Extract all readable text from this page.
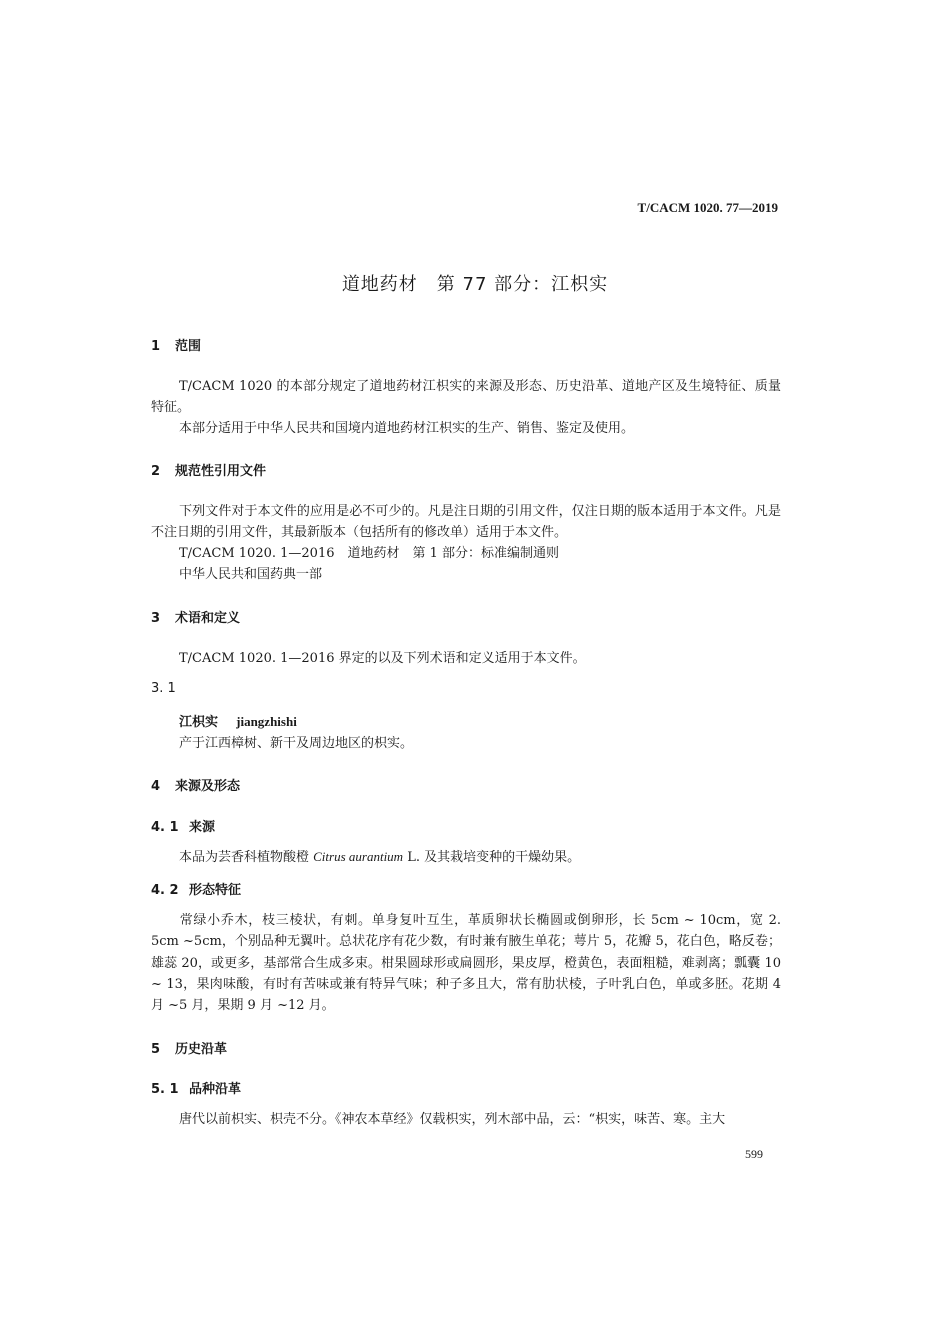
T/CACM 1020. 77—2019
道地药材　第 77 部分：江枳实
1 范围
T/CACM 1020 的本部分规定了道地药材江枳实的来源及形态、历史沿革、道地产区及生境特征、质量特征。
本部分适用于中华人民共和国境内道地药材江枳实的生产、销售、鉴定及使用。
2 规范性引用文件
下列文件对于本文件的应用是必不可少的。凡是注日期的引用文件，仅注日期的版本适用于本文件。凡是不注日期的引用文件，其最新版本（包括所有的修改单）适用于本文件。
T/CACM 1020. 1—2016　道地药材　第 1 部分：标准编制通则
中华人民共和国药典一部
3 术语和定义
T/CACM 1020. 1—2016 界定的以及下列术语和定义适用于本文件。
3. 1
江枳实 jiangzhishi
产于江西樟树、新干及周边地区的枳实。
4 来源及形态
4. 1 来源
本品为芸香科植物酸橙 Citrus aurantium L. 及其栽培变种的干燥幼果。
4. 2 形态特征
常绿小乔木，枝三棱状，有刺。单身复叶互生，革质卵状长椭圆或倒卵形，长 5cm ~ 10cm，宽 2. 5cm ~5cm，个别品种无翼叶。总状花序有花少数，有时兼有腋生单花；萼片 5，花瓣 5，花白色，略反卷；雄蕊 20，或更多，基部常合生成多束。柑果圆球形或扁圆形，果皮厚，橙黄色，表面粗糙，难剥离；瓢囊 10 ~ 13，果肉味酸，有时有苦味或兼有特异气味；种子多且大，常有肋状棱，子叶乳白色，单或多胚。花期 4 月 ~5 月，果期 9 月 ~12 月。
5 历史沿革
5. 1 品种沿革
唐代以前枳实、枳壳不分。《神农本草经》仅载枳实，列木部中品，云：“枳实，味苦、寒。主大
599
